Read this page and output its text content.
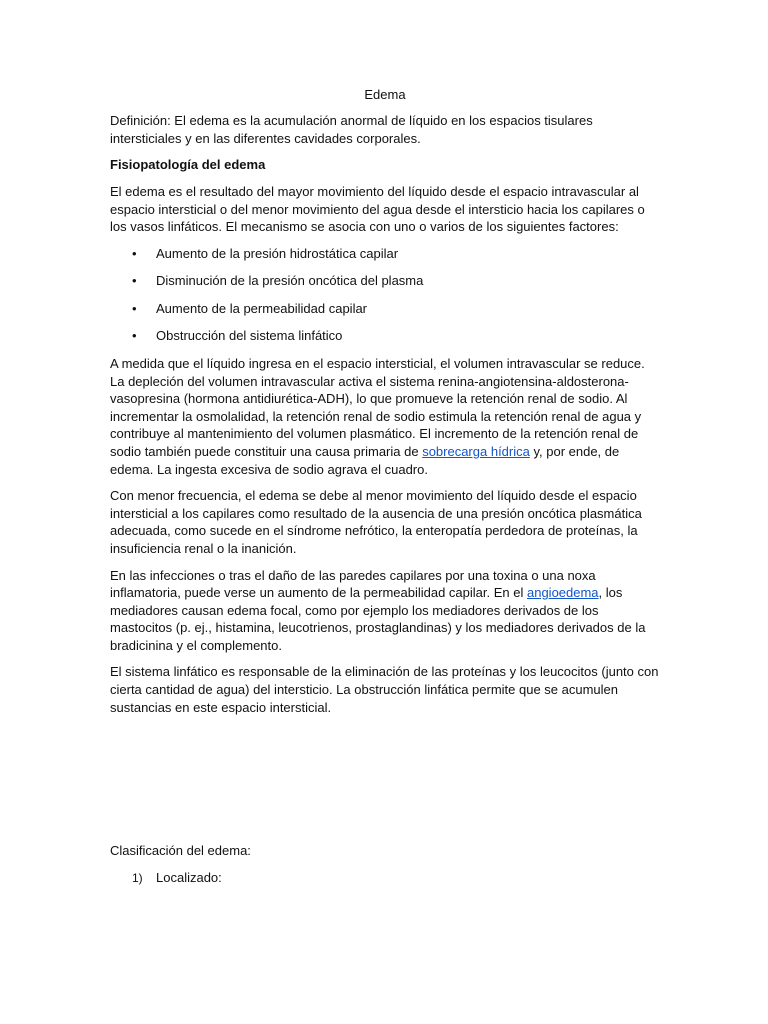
Edema

Definición: El edema es la acumulación anormal de líquido en los espacios tisulares intersticiales y en las diferentes cavidades corporales.

Fisiopatología del edema

El edema es el resultado del mayor movimiento del líquido desde el espacio intravascular al espacio intersticial o del menor movimiento del agua desde el intersticio hacia los capilares o los vasos linfáticos. El mecanismo se asocia con uno o varios de los siguientes factores:

• Aumento de la presión hidrostática capilar
• Disminución de la presión oncótica del plasma
• Aumento de la permeabilidad capilar
• Obstrucción del sistema linfático

A medida que el líquido ingresa en el espacio intersticial, el volumen intravascular se reduce. La depleción del volumen intravascular activa el sistema renina-angiotensina-aldosterona-vasopresina (hormona antidiurética-ADH), lo que promueve la retención renal de sodio. Al incrementar la osmolalidad, la retención renal de sodio estimula la retención renal de agua y contribuye al mantenimiento del volumen plasmático. El incremento de la retención renal de sodio también puede constituir una causa primaria de sobrecarga hídrica y, por ende, de edema. La ingesta excesiva de sodio agrava el cuadro.

Con menor frecuencia, el edema se debe al menor movimiento del líquido desde el espacio intersticial a los capilares como resultado de la ausencia de una presión oncótica plasmática adecuada, como sucede en el síndrome nefrótico, la enteropatía perdedora de proteínas, la insuficiencia renal o la inanición.

En las infecciones o tras el daño de las paredes capilares por una toxina o una noxa inflamatoria, puede verse un aumento de la permeabilidad capilar. En el angioedema, los mediadores causan edema focal, como por ejemplo los mediadores derivados de los mastocitos (p. ej., histamina, leucotrienos, prostaglandinas) y los mediadores derivados de la bradicinina y el complemento.

El sistema linfático es responsable de la eliminación de las proteínas y los leucocitos (junto con cierta cantidad de agua) del intersticio. La obstrucción linfática permite que se acumulen sustancias en este espacio intersticial.

Clasificación del edema:
1) Localizado:
